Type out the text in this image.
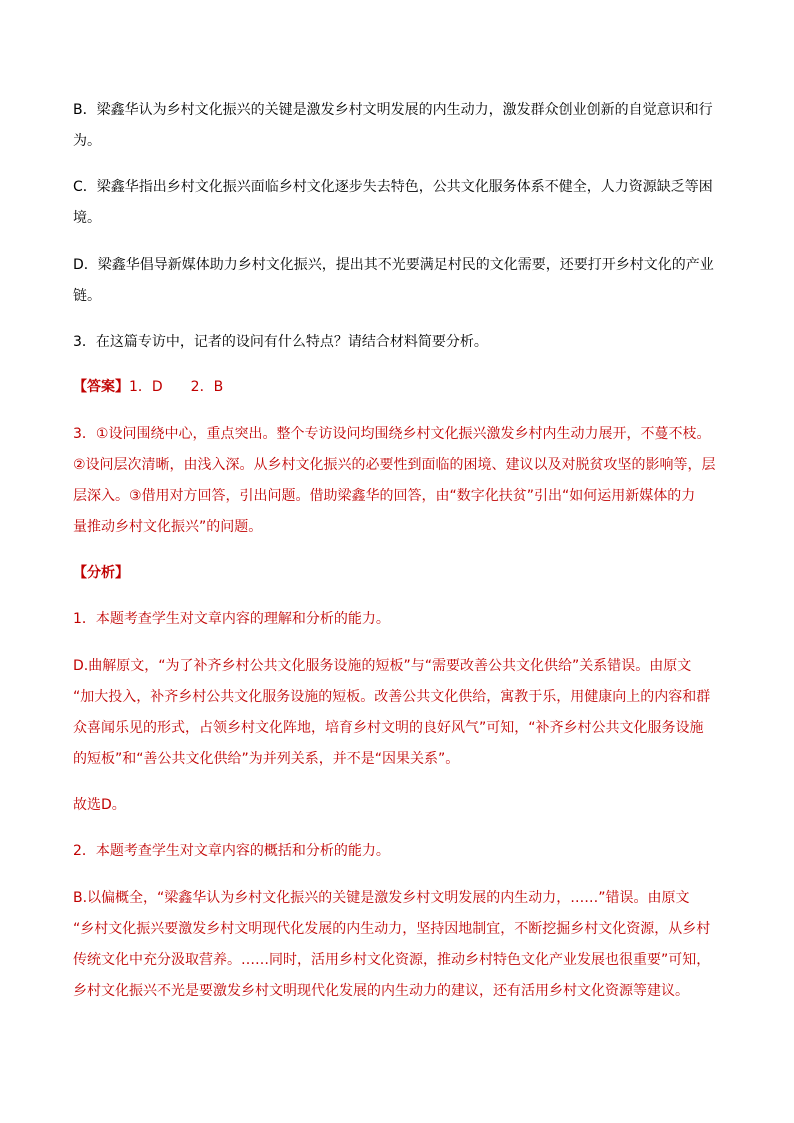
B．梁鑫华认为乡村文化振兴的关键是激发乡村文明发展的内生动力，激发群众创业创新的自觉意识和行
为。
C．梁鑫华指出乡村文化振兴面临乡村文化逐步失去特色，公共文化服务体系不健全，人力资源缺乏等困
境。
D．梁鑫华倡导新媒体助力乡村文化振兴，提出其不光要满足村民的文化需要，还要打开乡村文化的产业
链。
3．在这篇专访中，记者的设问有什么特点？请结合材料简要分析。
【答案】1．D　　2．B
3．①设问围绕中心，重点突出。整个专访设问均围绕乡村文化振兴激发乡村内生动力展开，不蔓不枝。
②设问层次清晰，由浅入深。从乡村文化振兴的必要性到面临的困境、建议以及对脱贫攻坚的影响等，层
层深入。③借用对方回答，引出问题。借助梁鑫华的回答，由“数字化扶贫”引出“如何运用新媒体的力
量推动乡村文化振兴”的问题。
【分析】
1．本题考查学生对文章内容的理解和分析的能力。
D.曲解原文，“为了补齐乡村公共文化服务设施的短板”与“需要改善公共文化供给”关系错误。由原文
“加大投入，补齐乡村公共文化服务设施的短板。改善公共文化供给，寓教于乐，用健康向上的内容和群
众喜闻乐见的形式，占领乡村文化阵地，培育乡村文明的良好风气”可知，“补齐乡村公共文化服务设施
的短板”和“善公共文化供给”为并列关系，并不是“因果关系”。
故选D。
2．本题考查学生对文章内容的概括和分析的能力。
B.以偏概全，“梁鑫华认为乡村文化振兴的关键是激发乡村文明发展的内生动力，……”错误。由原文
“乡村文化振兴要激发乡村文明现代化发展的内生动力，坚持因地制宜，不断挖掘乡村文化资源，从乡村
传统文化中充分汲取营养。……同时，活用乡村文化资源，推动乡村特色文化产业发展也很重要”可知，
乡村文化振兴不光是要激发乡村文明现代化发展的内生动力的建议，还有活用乡村文化资源等建议。
